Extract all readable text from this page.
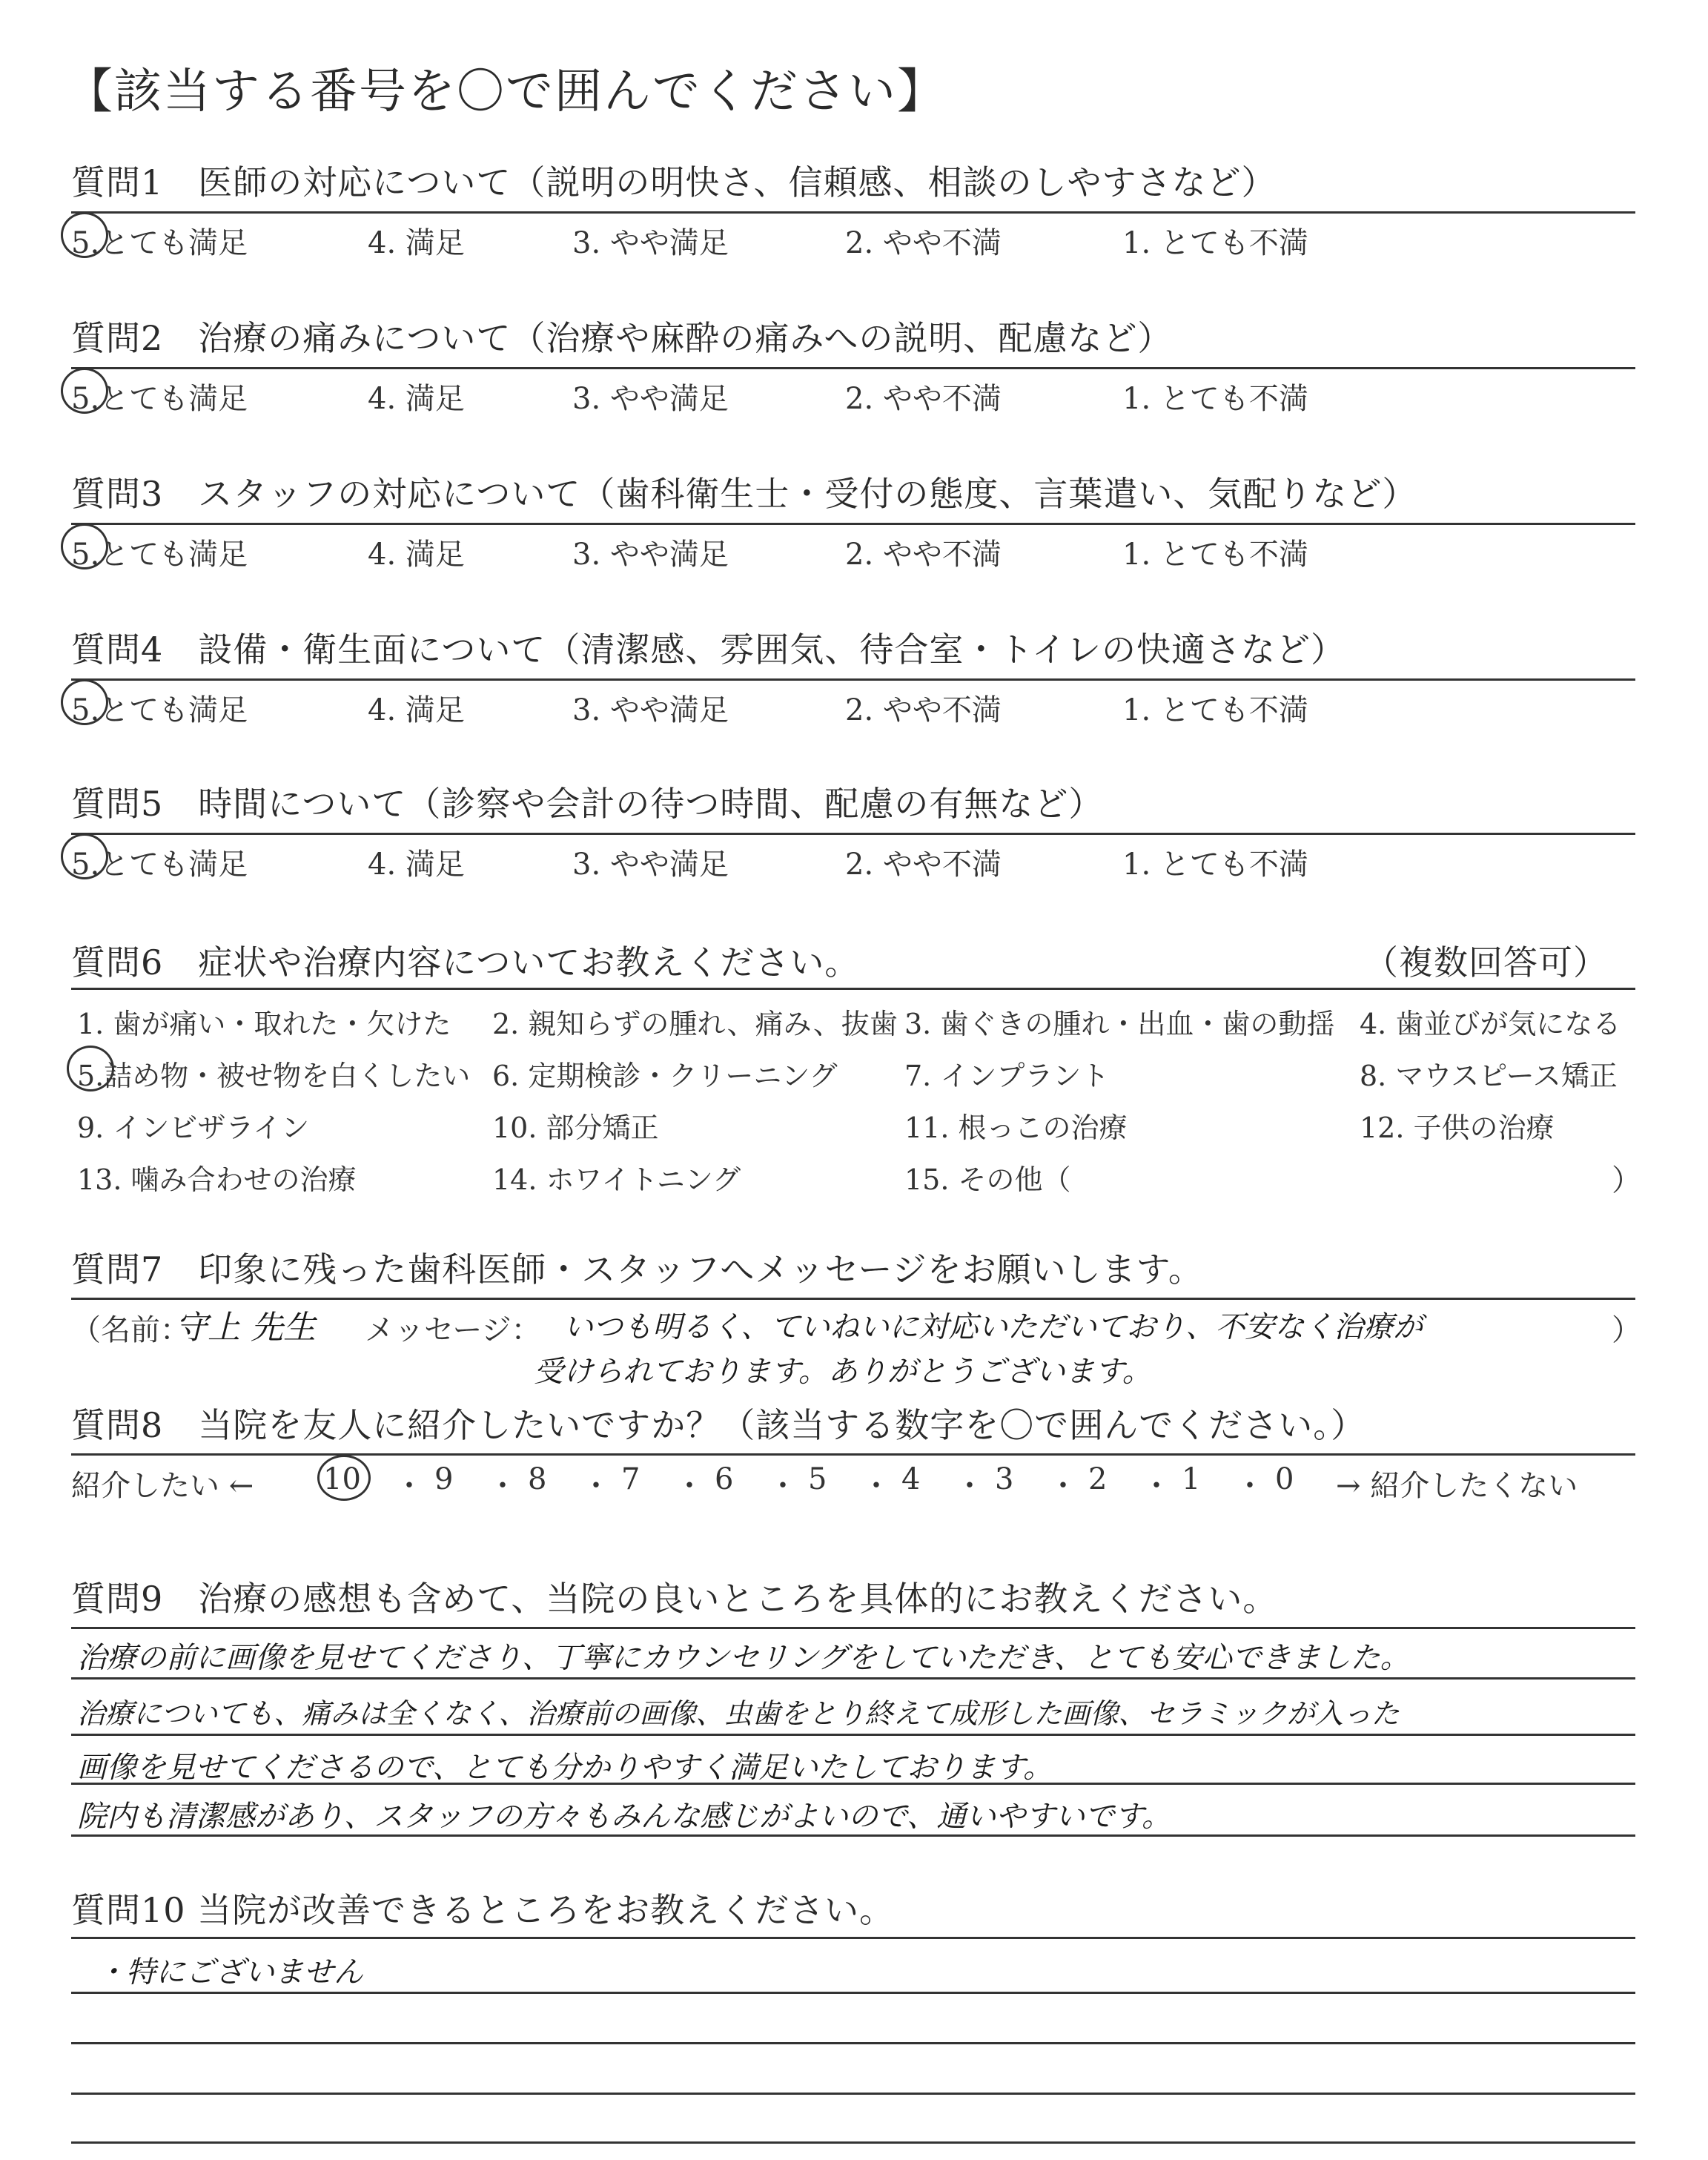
【該当する番号を〇で囲んでください】
質問1　医師の対応について（説明の明快さ、信頼感、相談のしやすさなど）
5.とても満足	4. 満足	3. やや満足	2. やや不満	1. とても不満
質問2　治療の痛みについて（治療や麻酔の痛みへの説明、配慮など）
5.とても満足	4. 満足	3. やや満足	2. やや不満	1. とても不満
質問3　スタッフの対応について（歯科衛生士・受付の態度、言葉遣い、気配りなど）
5.とても満足	4. 満足	3. やや満足	2. やや不満	1. とても不満
質問4　設備・衛生面について（清潔感、雰囲気、待合室・トイレの快適さなど）
5.とても満足	4. 満足	3. やや満足	2. やや不満	1. とても不満
質問5　時間について（診察や会計の待つ時間、配慮の有無など）
5.とても満足	4. 満足	3. やや満足	2. やや不満	1. とても不満
質問6　症状や治療内容についてお教えください。	（複数回答可）
1. 歯が痛い・取れた・欠けた 2. 親知らずの腫れ、痛み、抜歯 3. 歯ぐきの腫れ・出血・歯の動揺 4. 歯並びが気になる
5.詰め物・被せ物を白くしたい 6. 定期検診・クリーニング 7. インプラント	8. マウスピース矯正
9. インビザライン	10. 部分矯正	11. 根っこの治療	12. 子供の治療
13. 噛み合わせの治療	14. ホワイトニング	15. その他（	）
質問7　印象に残った歯科医師・スタッフへメッセージをお願いします。
（名前：
守上 先生 メッセージ： いつも明るく、ていねいに対応いただいており、不安なく治療が
受けられております。ありがとうございます。
）
質問8　当院を友人に紹介したいですか？（該当する数字を〇で囲んでください。）
紹介したい ← 10 ・ 9 ・ 8 ・ 7 ・ 6 ・ 5 ・ 4 ・ 3 ・ 2 ・ 1 ・ 0 → 紹介したくない
質問9　治療の感想も含めて、当院の良いところを具体的にお教えください。
治療の前に画像を見せてくださり、丁寧にカウンセリングをしていただき、とても安心できました。
治療についても、痛みは全くなく、治療前の画像、虫歯をとり終えて成形した画像、セラミックが入った
画像を見せてくださるので、とても分かりやすく満足いたしております。
院内も清潔感があり、スタッフの方々もみんな感じがよいので、通いやすいです。
質問10 当院が改善できるところをお教えください。
・特にございません
